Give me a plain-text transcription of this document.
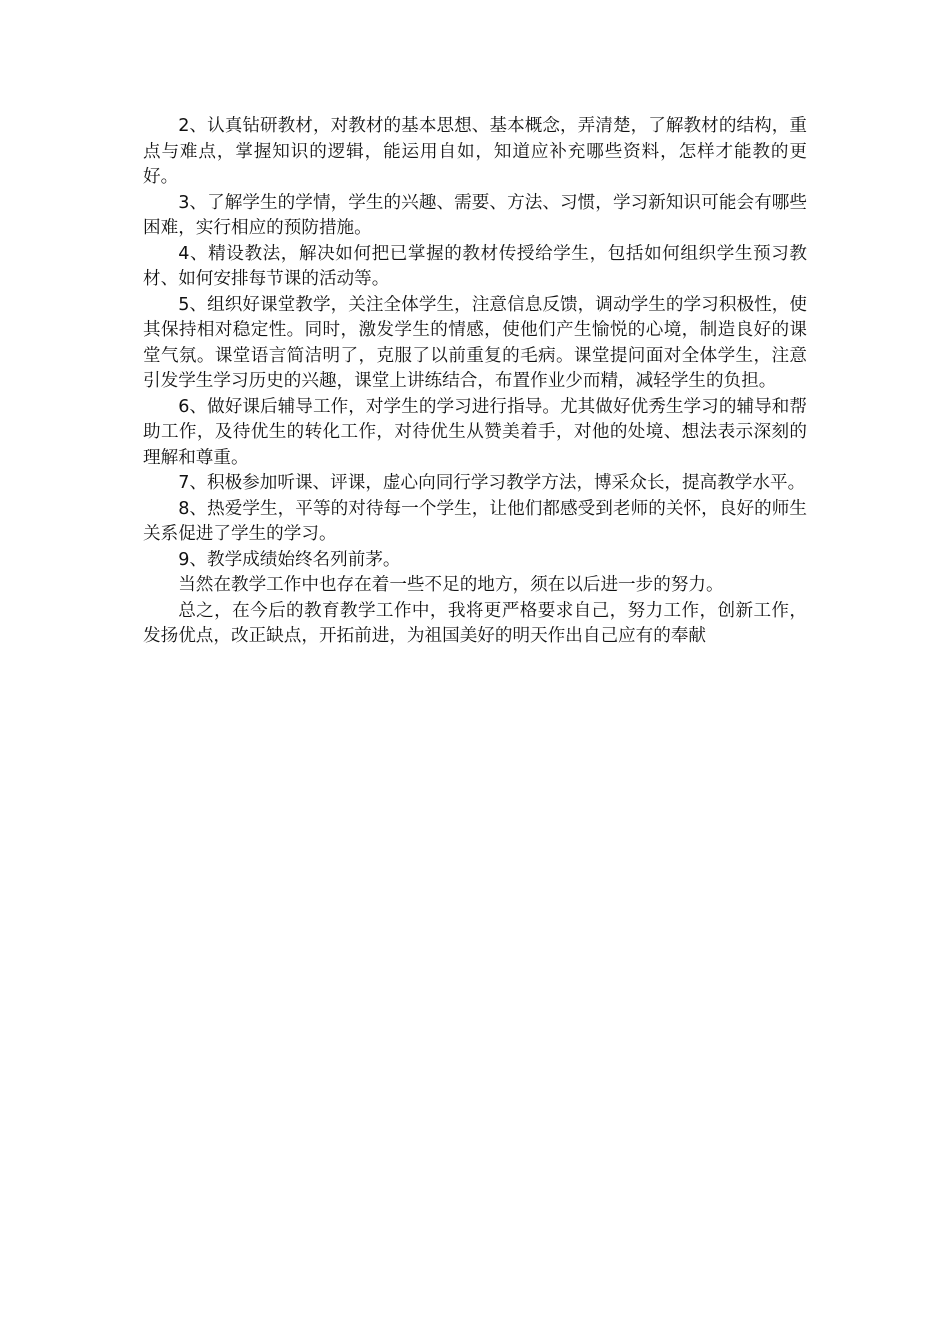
2、认真钻研教材，对教材的基本思想、基本概念，弄清楚，了解教材的结构，重点与难点，掌握知识的逻辑，能运用自如，知道应补充哪些资料，怎样才能教的更好。

3、了解学生的学情，学生的兴趣、需要、方法、习惯，学习新知识可能会有哪些困难，实行相应的预防措施。

4、精设教法，解决如何把已掌握的教材传授给学生，包括如何组织学生预习教材、如何安排每节课的活动等。

5、组织好课堂教学，关注全体学生，注意信息反馈，调动学生的学习积极性，使其保持相对稳定性。同时，激发学生的情感，使他们产生愉悦的心境，制造良好的课堂气氛。课堂语言简洁明了，克服了以前重复的毛病。课堂提问面对全体学生，注意引发学生学习历史的兴趣，课堂上讲练结合，布置作业少而精，减轻学生的负担。

6、做好课后辅导工作，对学生的学习进行指导。尤其做好优秀生学习的辅导和帮助工作，及待优生的转化工作，对待优生从赞美着手，对他的处境、想法表示深刻的理解和尊重。

7、积极参加听课、评课，虚心向同行学习教学方法，博采众长，提高教学水平。

8、热爱学生，平等的对待每一个学生，让他们都感受到老师的关怀，良好的师生关系促进了学生的学习。

9、教学成绩始终名列前茅。

当然在教学工作中也存在着一些不足的地方，须在以后进一步的努力。

总之，在今后的教育教学工作中，我将更严格要求自己，努力工作，创新工作，发扬优点，改正缺点，开拓前进，为祖国美好的明天作出自己应有的奉献
